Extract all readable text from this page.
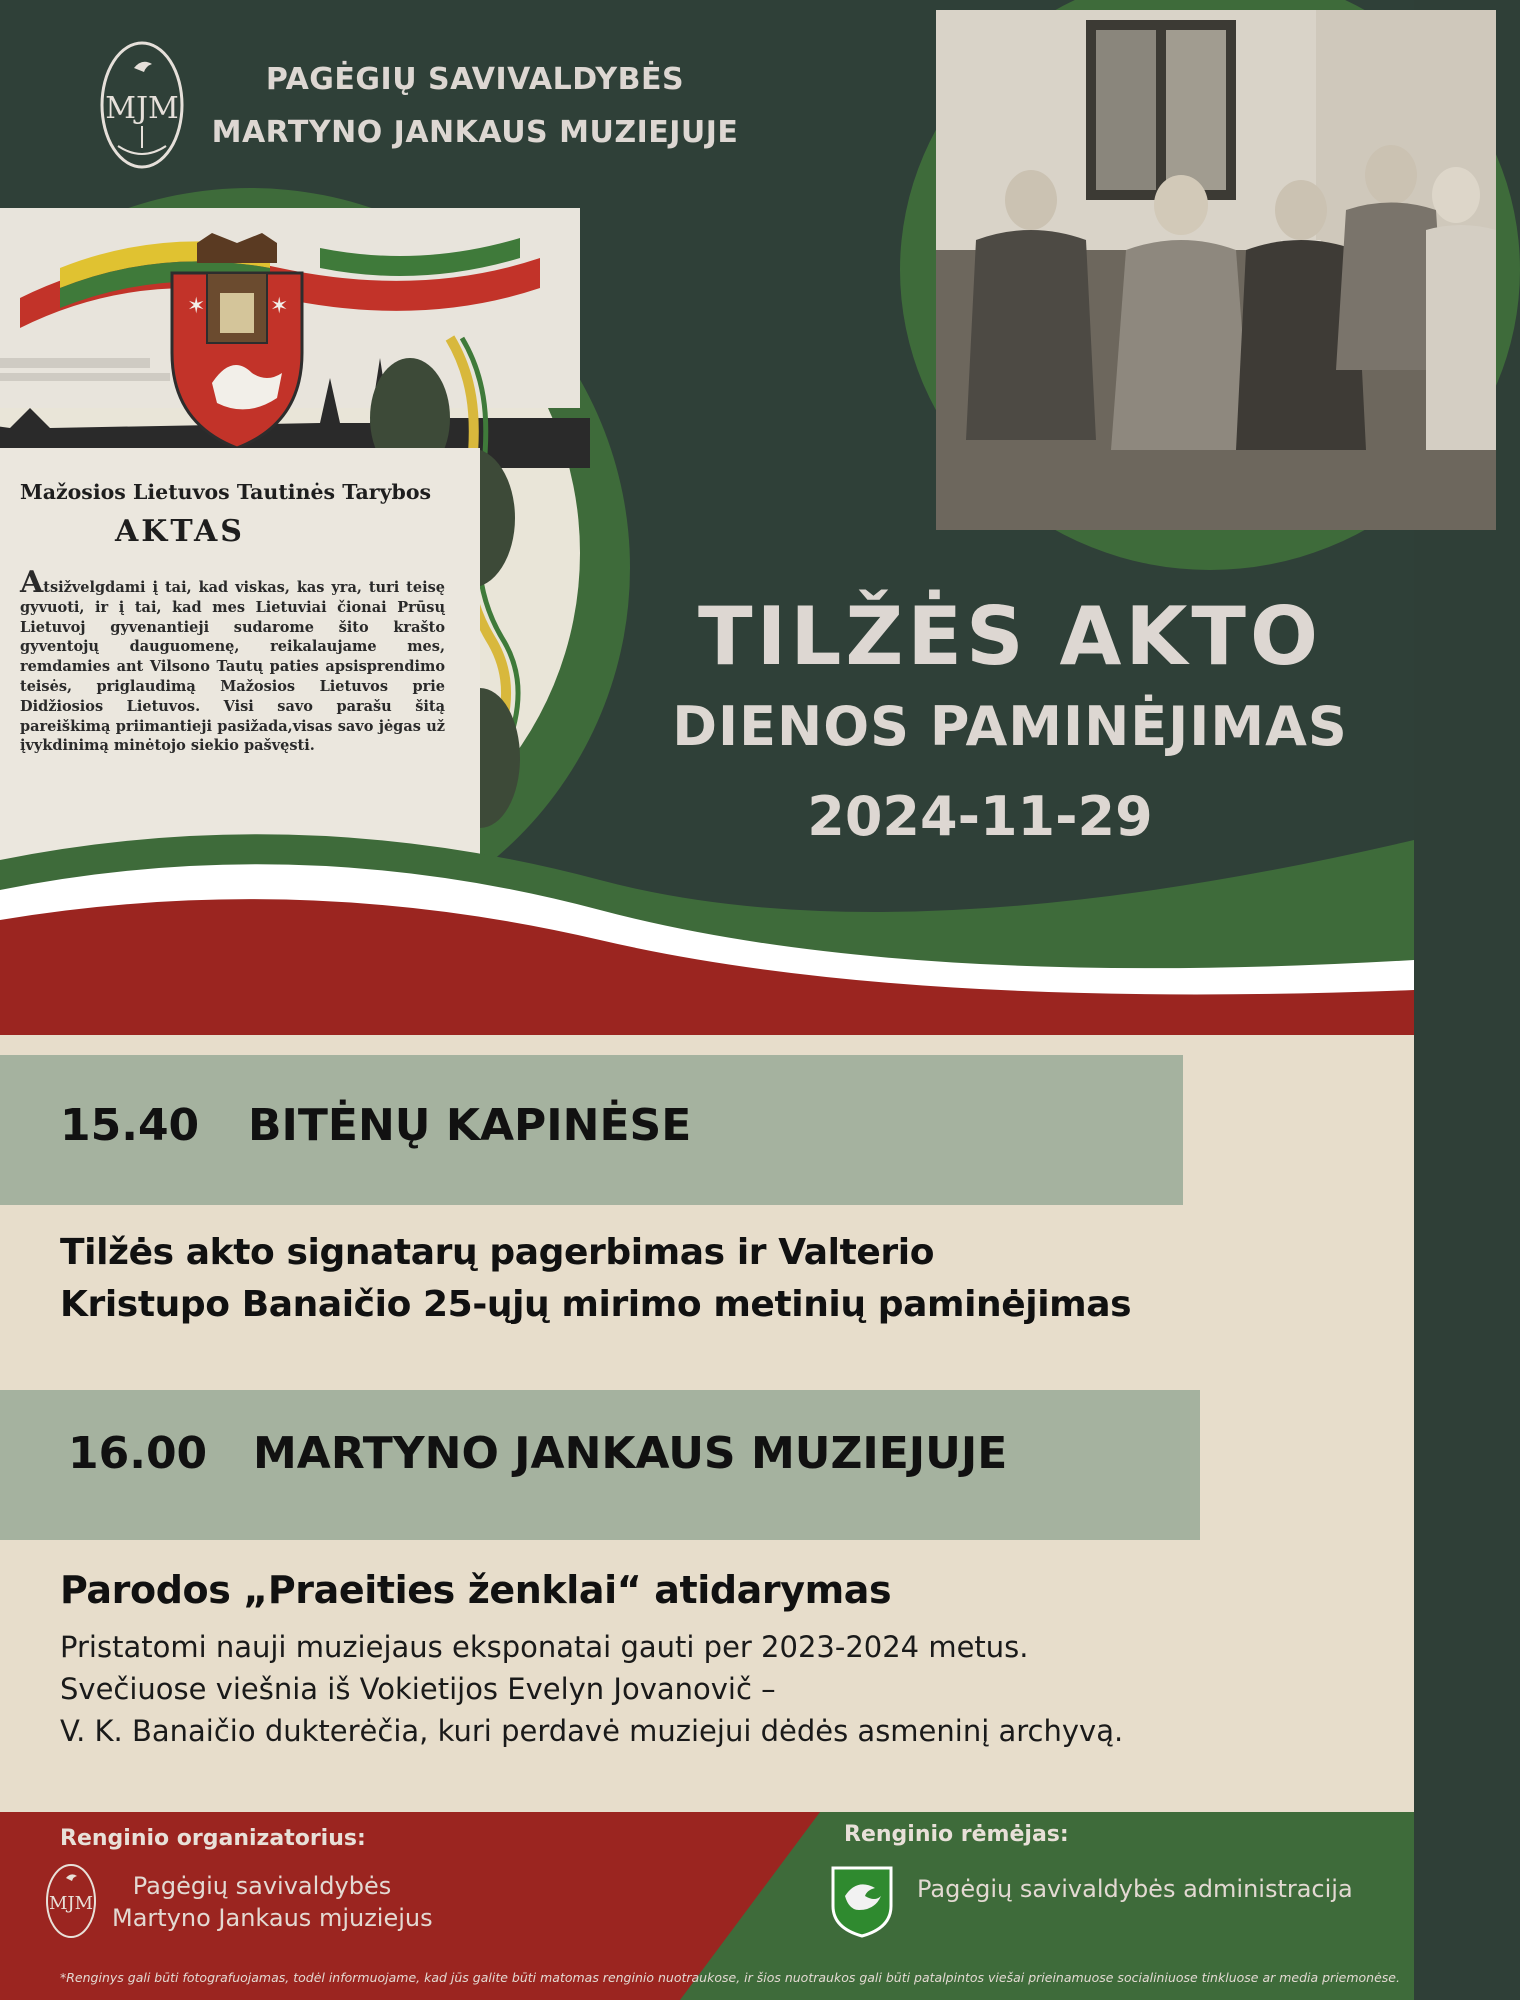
MJM
PAGĖGIŲ SAVIVALDYBĖS
MARTYNO JANKAUS MUZIEJUJE
✶	✶
Mažosios Lietuvos Tautinės Tarybos
AKTAS
Atsižvelgdami į tai, kad viskas, kas yra, turi teisę gyvuoti, ir į tai, kad mes Lietuviai čionai Prūsų Lietuvoj gyvenantieji sudarome šito krašto gyventojų dauguomenę, reikalaujame mes, remdamies ant Vilsono Tautų paties apsisprendimo teisės, priglaudimą Mažosios Lietuvos prie Didžiosios Lietuvos. Visi savo parašu šitą pareiškimą priimantieji pasižada,visas savo jėgas už įvykdinimą minėtojo siekio pašvęsti.
TILŽĖS AKTO
DIENOS PAMINĖJIMAS
2024-11-29
15.40 BITĖNŲ KAPINĖSE
Tilžės akto signatarų pagerbimas ir Valterio
Kristupo Banaičio 25-ųjų mirimo metinių paminėjimas
16.00 MARTYNO JANKAUS MUZIEJUJE
Parodos „Praeities ženklai“ atidarymas
Pristatomi nauji muziejaus eksponatai gauti per 2023-2024 metus.
Svečiuose viešnia iš Vokietijos Evelyn Jovanovič –
V. K. Banaičio dukterėčia, kuri perdavė muziejui dėdės asmeninį archyvą.
Renginio organizatorius:
MJM
Pagėgių savivaldybės
Martyno Jankaus mjuziejus
Renginio rėmėjas:
Pagėgių savivaldybės administracija
*Renginys gali būti fotografuojamas, todėl informuojame, kad jūs galite būti matomas renginio nuotraukose, ir šios nuotraukos gali būti patalpintos viešai prieinamuose socialiniuose tinkluose ar media priemonėse.
